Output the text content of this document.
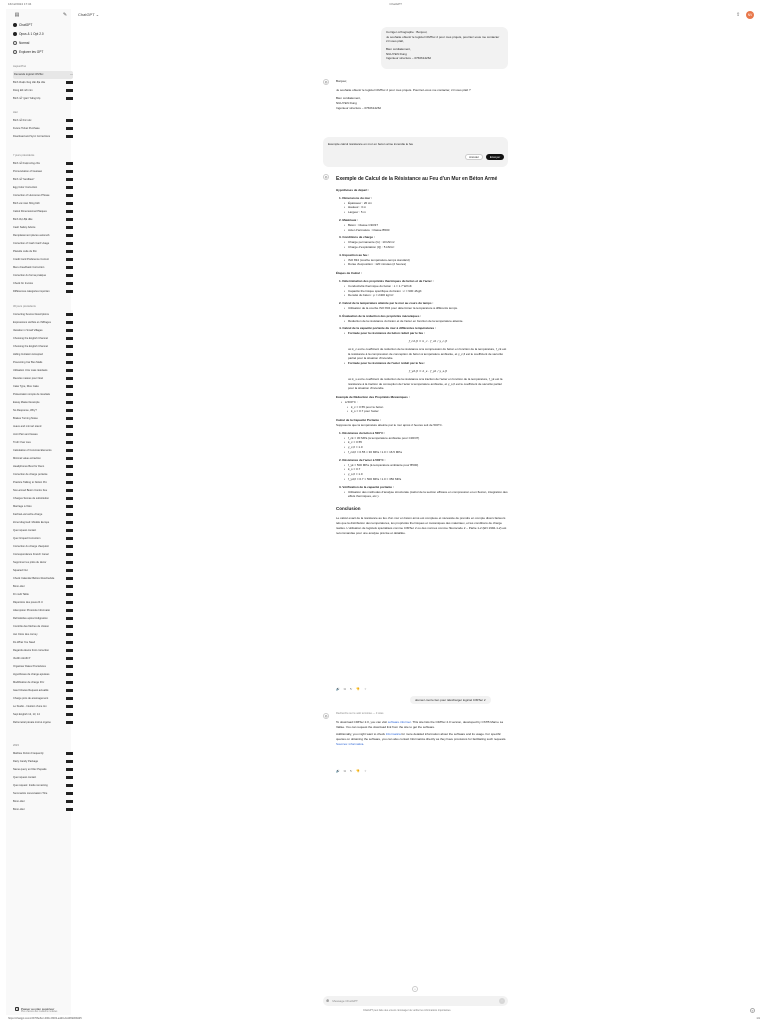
16/12/2024 17:34	ChatGPT
▤	✎
ChatGPT
Opus & 1 Opt 2.0
Normal
Explorer les GPT
Aujourd'hui
Demande logiciel CIMTec	⋯
Bình thuật công cần địa cầu
Dùng kết nối mìn
Bình nỗ "gian" băng lớp
Hier
Bình nỗ thứ nóc
Future Ticket Purchase
Download and Sync Corrections
7 jours précédents
Bình nỗ thuật công chả
Pronunciation of Gustavo
Bình nỗ "landfaué"
Egg Color Correction
Correction of Humorous Phrase
Bình vai màn hồng biết
Calcul Dimensionnel Plaques
Bình thợ đặt dầu
Cash Safety Advice
Remplacement pièces automob
Correction of Cash Card Usage
Planelle code du film
Credit Card Preference Correct
Menu Feedback Correction
Correction du forma pratique
Check for Invoice
Différences catégories importan
30 jours précédents
Correcting Source Descriptions
Expressions vérifiés et chiffrages
Vacation in Small Villages
Choosing the English Channel
Choosing the English Channel
Hiding Invitation Accepted
Preventing Car Bus Mails
Utilisation Univ mais résiduels
Recette maison pour Noel
Cake Type, Rice Cake
Présentation simple de résultats
Essay Master Example
No Response, Why?
Brakes Turning Noise
Jeaux and mini art stand
Joint Pain and Gases
Truth Over Lies
Calculation of Concrete Elements
Minimal value extraction
Headphones Best for Deco
Correction de charge portante
Practice Talking to Notion Pro
Non-armed Beton Contre Feu
Charges Sémas de substitution
Marriage à Visio
Fachsel-versuche-charge
Zone kilogroud: Modèle Europe
Que inquest contact
Que Ocqued Correction
Correction du charge d'acquisit
Correspondance Franch Canal
Supprimer les prêts du décor
Squared Out
Check Calendar Before Reschedule
Bonn-Hier
Dr multi Table
Répertoire des pouss R.U
Attempsion Protocole Informatio
Refroidoiles après lindignation
Contrôle des flèches de cloison
Jan Clore des corney
Do What You Need
Regards élevés front correction
Vieillir rétrofit P
Organiser Dates Procédures
Hypothèses de charge ajoutées
Modification de charge R.U
Gaul Irrisées Request actualité
Charge près de aménagement
Le Studio - Intuition d'une Ion
Sept English 12, 13, 14
Rehuméral pénate instrui orgène
2023
Mathieu Fiction Frequently
Dairy Candy Package
Name query en Disc Paysafe
Que inquest contact
Que request: Inside remaining
Summarize conversation Titre
Bonn-Hier
Bonn-Hier
⇧ Passer au plan supérieur
Plus d'accès aux meilleurs modèles
ChatGPT ⌄	⇪	NV
Corriger orthographe : Bonjour,
Je souhaite obtenir le logiciel CIMTec 2 pour mes projets, pourriez-vous me contacter s'il vous plaît,
Bien cordialement,
NGUYEN Dung
Ingénieur structure – 0760614262
◎	Bonjour,

Je souhaite obtenir le logiciel CIMTec 2 pour mes projets. Pourriez-vous me contacter, s'il vous plaît ?

Bien cordialement,
NGUYEN Dung
Ingénieur structure – 0760614262
Exemple calcul résistance en mur en beton arme incendie le feu
Annuler	Envoyer
◎	Exemple de Calcul de la Résistance au Feu d'un Mur en Béton Armé
Hypothèses de départ :
1. Dimensions du mur :
• Épaisseur : 20 cm
• Hauteur : 3 m
• Largeur : 5 m
2. Matériaux :
• Béton : Classe C30/37
• Acier d'armature : Classe B500
3. Conditions de charge :
• Charge permanente (G) : 10 kN/m²
• Charge d'exploitation (Q) : 5 kN/m²
4. Exposition au feu :
• ISO 834 (courbe température-temps standard)
• Durée d'exposition : 120 minutes (2 heures)
Étapes de Calcul :
1. Détermination des propriétés thermiques du béton et de l'acier :
• Conductivité thermique du béton : λ = 1.7 W/mK
• Capacité thermique spécifique du béton : c = 900 J/kgK
• Densité du béton : ρ = 2400 kg/m³
2. Calcul de la température atteinte par le mur au cours du temps :
• Utilisation de la courbe ISO 834 pour déterminer la température à différents temps.
3. Évaluation de la réduction des propriétés mécaniques :
• Réduction de la résistance du béton et de l'acier en fonction de la température atteinte.
4. Calcul de la capacité portante du mur à différentes températures :
• Formule pour la résistance du béton réduit par le feu :
f_cd,fi = k_c · f_ck / γ_c,fi
où k_c est le coefficient de réduction de la résistance à la compression du béton en fonction de la température, f_ck est la résistance à la compression de conception du béton à température ambiante, et γ_c,fi est le coefficient de sécurité partiel pour la situation d'incendie.
• Formule pour la résistance de l'acier réduit par le feu :
f_yd,fi = k_s · f_yk / γ_s,fi
où k_s est le coefficient de réduction de la résistance à la traction de l'acier en fonction de la température, f_yk est la résistance à la traction de conception de l'acier à température ambiante, et γ_s,fi est le coefficient de sécurité partiel pour la situation d'incendie.
Exemple de Réduction des Propriétés Mécaniques :
• à 500°C :
• k_c = 0.55 pour le béton
• k_s = 0.7 pour l'acier
Calcul de la Capacité Portante :
Supposons que la température atteinte par le mur après 2 heures soit de 500°C.
1. Résistance du béton à 500°C :
• f_ck = 30 MPa (à température ambiante pour C30/37)
• k_c = 0.55
• γ_c,fi = 1.0
• f_cd,fi = 0.55 × 30 MPa / 1.0 = 16.5 MPa
2. Résistance de l'acier à 500°C :
• f_yk = 500 MPa (à température ambiante pour B500)
• k_s = 0.7
• γ_s,fi = 1.0
• f_yd,fi = 0.7 × 500 MPa / 1.0 = 350 MPa
3. Vérification de la capacité portante :
• Utilisation des méthodes d'analyse structurale (calcul de la section efficace en compression et en flexion, intégration des effets thermiques, etc.).
Conclusion
Le calcul exact de la résistance au feu d'un mur en béton armé est complexe et nécessite de prendre en compte divers facteurs tels que la distribution des températures, les propriétés thermiques et mécaniques des matériaux, et les conditions de charge réelles. L'utilisation de logiciels spécialisés comme CIMTec 2 ou des normes comme l'Eurocode 2 – Partie 1-2 (EN 1992-1-2) est recommandée pour une analyse précise et détaillée.
🔊 ⧉ ↻ 👎 ✧
donnez-moi le lien pour télécharger logiciel CIMTec 2
◎
Recherche sur le web terminée — 3 sites

To download CIMTec 2.0, you can visit software.informer. This site lists the CIMTec 2.0 version, developed by CSTB Marne La Vallée. You can request the download link from the site to get the software.

Additionally, you might want to check Informatica for more detailed information about the software and its usage. For specific queries on obtaining the software, you can also contact Informatica directly as they have provisions for facilitating such requests. Sources: informatica.

🔊 ⧉ ↻ 👎 ✧
↓
⊕ Message ChatGPT	↑
ChatGPT peut faire des erreurs. Envisagez de vérifier les informations importantes.	?
https://chatgpt.com/c/6766e6cc-000c-8003-a4d0-dcd46930b0d5	1/1
